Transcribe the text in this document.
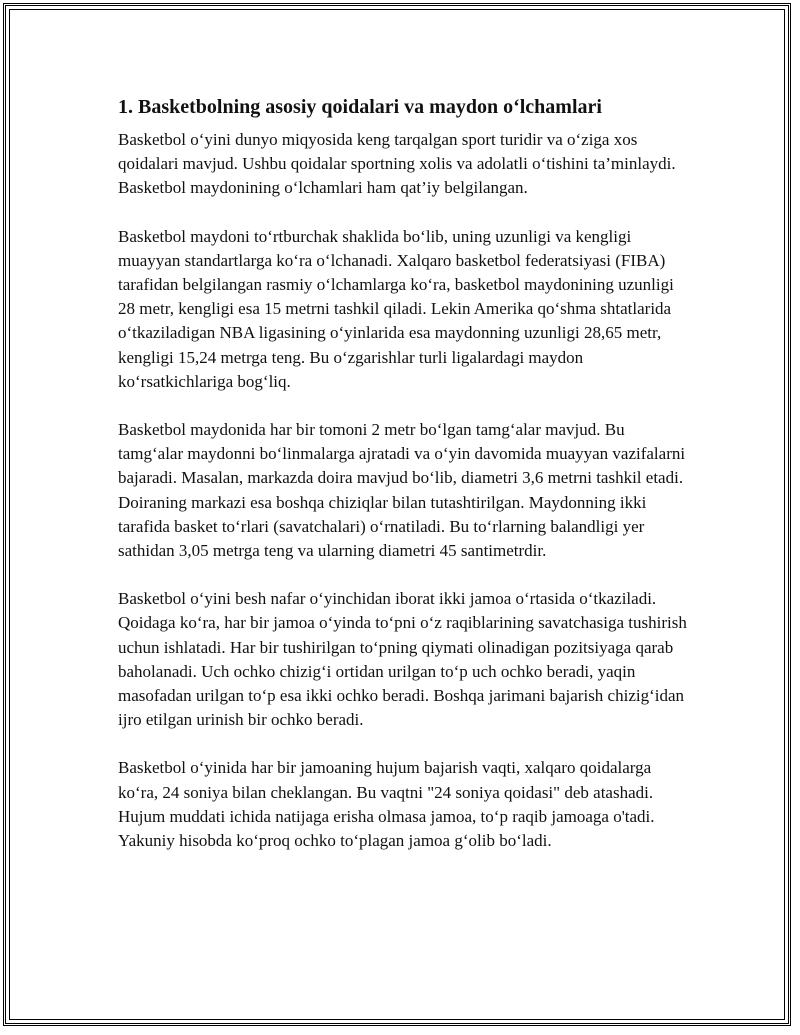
1. Basketbolning asosiy qoidalari va maydon o‘lchamlari

Basketbol o‘yini dunyo miqyosida keng tarqalgan sport turidir va o‘ziga xos qoidalari mavjud. Ushbu qoidalar sportning xolis va adolatli o‘tishini ta’minlaydi. Basketbol maydonining o‘lchamlari ham qat’iy belgilangan.

Basketbol maydoni to‘rtburchak shaklida bo‘lib, uning uzunligi va kengligi muayyan standartlarga ko‘ra o‘lchanadi. Xalqaro basketbol federatsiyasi (FIBA) tarafidan belgilangan rasmiy o‘lchamlarga ko‘ra, basketbol maydonining uzunligi 28 metr, kengligi esa 15 metrni tashkil qiladi. Lekin Amerika qo‘shma shtatlarida o‘tkaziladigan NBA ligasining o‘yinlarida esa maydonning uzunligi 28,65 metr, kengligi 15,24 metrga teng. Bu o‘zgarishlar turli ligalardagi maydon ko‘rsatkichlariga bog‘liq.

Basketbol maydonida har bir tomoni 2 metr bo‘lgan tamg‘alar mavjud. Bu tamg‘alar maydonni bo‘linmalarga ajratadi va o‘yin davomida muayyan vazifalarni bajaradi. Masalan, markazda doira mavjud bo‘lib, diametri 3,6 metrni tashkil etadi. Doiraning markazi esa boshqa chiziqlar bilan tutashtirilgan. Maydonning ikki tarafida basket to‘rlari (savatchalari) o‘rnatiladi. Bu to‘rlarning balandligi yer sathidan 3,05 metrga teng va ularning diametri 45 santimetrdir.

Basketbol o‘yini besh nafar o‘yinchidan iborat ikki jamoa o‘rtasida o‘tkaziladi. Qoidaga ko‘ra, har bir jamoa o‘yinda to‘pni o‘z raqiblarining savatchasiga tushirish uchun ishlatadi. Har bir tushirilgan to‘pning qiymati olinadigan pozitsiyaga qarab baholanadi. Uch ochko chizig‘i ortidan urilgan to‘p uch ochko beradi, yaqin masofadan urilgan to‘p esa ikki ochko beradi. Boshqa jarimani bajarish chizig‘idan ijro etilgan urinish bir ochko beradi.

Basketbol o‘yinida har bir jamoaning hujum bajarish vaqti, xalqaro qoidalarga ko‘ra, 24 soniya bilan cheklangan. Bu vaqtni "24 soniya qoidasi" deb atashadi. Hujum muddati ichida natijaga erisha olmasa jamoa, to‘p raqib jamoaga o'tadi. Yakuniy hisobda ko‘proq ochko to‘plagan jamoa g‘olib bo‘ladi.
